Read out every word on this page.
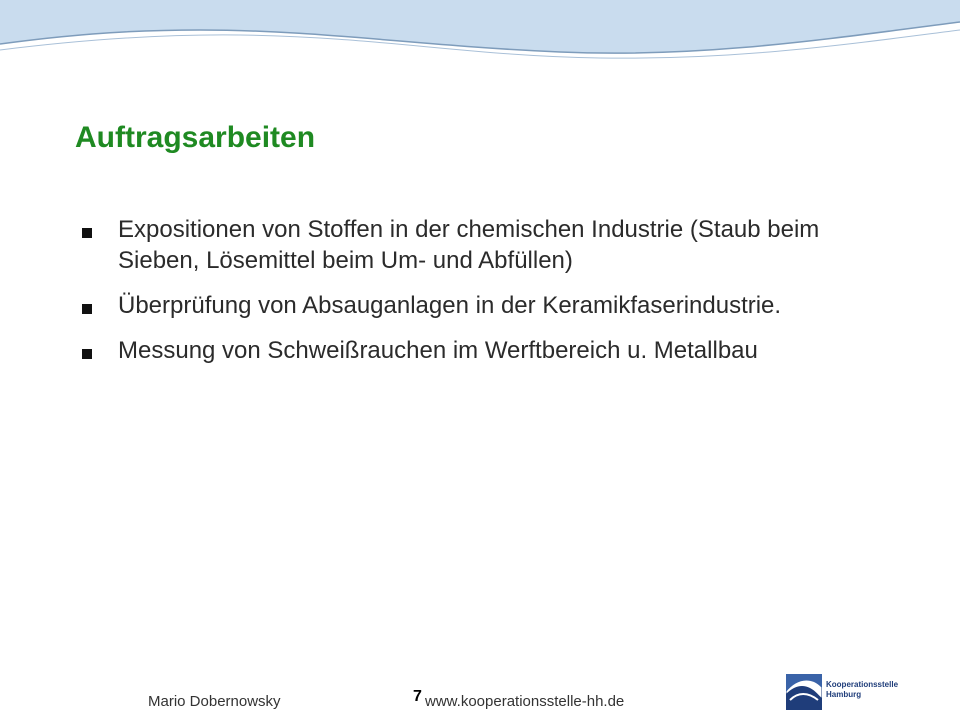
Auftragsarbeiten
Expositionen von Stoffen in der chemischen Industrie (Staub beim Sieben, Lösemittel beim Um- und Abfüllen)
Überprüfung von Absauganlagen in der Keramikfaserindustrie.
Messung von Schweißrauchen im Werftbereich u. Metallbau
Mario Dobernowsky	7 www.kooperationsstelle-hh.de
Kooperationsstelle
Hamburg
